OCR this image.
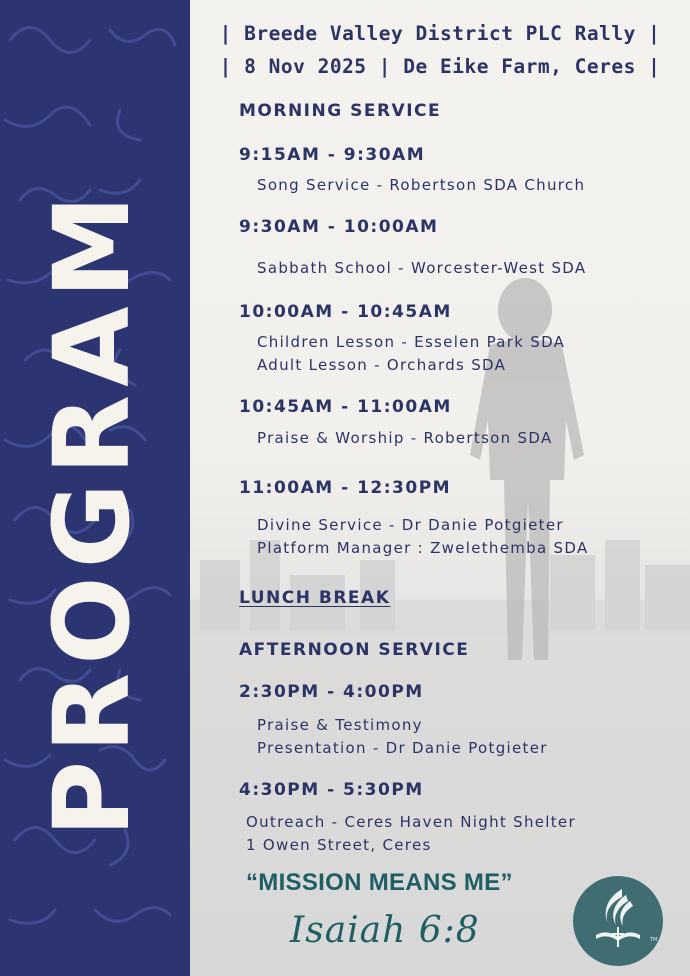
PROGRAM
| Breede Valley District PLC Rally |
| 8 Nov 2025 | De Eike Farm, Ceres |
MORNING SERVICE
9:15AM - 9:30AM
Song Service - Robertson SDA Church
9:30AM - 10:00AM
Sabbath School - Worcester-West SDA
10:00AM - 10:45AM
Children Lesson - Esselen Park SDA
Adult Lesson - Orchards SDA
10:45AM - 11:00AM
Praise & Worship - Robertson SDA
11:00AM - 12:30PM
Divine Service - Dr Danie Potgieter
Platform Manager : Zwelethemba SDA
LUNCH BREAK
AFTERNOON SERVICE
2:30PM - 4:00PM
Praise & Testimony
Presentation - Dr Danie Potgieter
4:30PM - 5:30PM
Outreach - Ceres Haven Night Shelter
1 Owen Street, Ceres
“MISSION MEANS ME”
Isaiah 6:8	TM
